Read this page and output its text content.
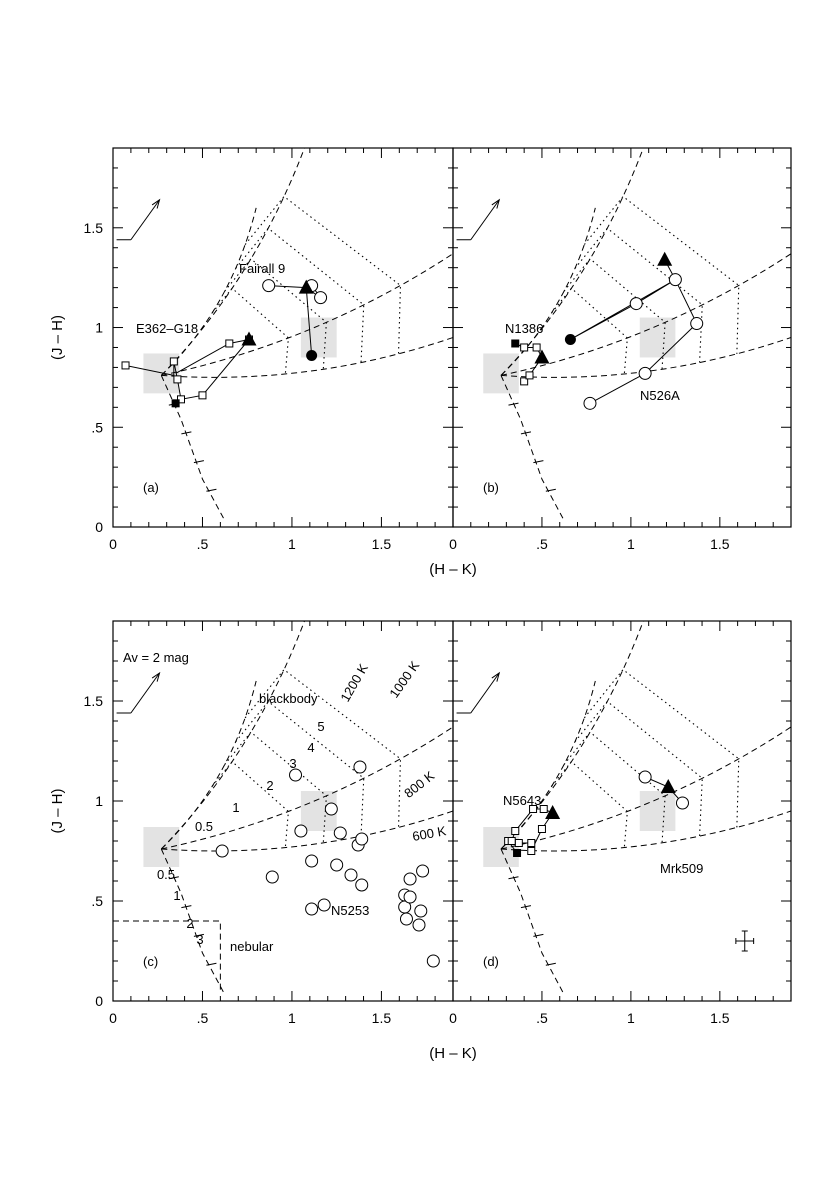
0	.5	1	1.5
0
.5
1
1.5
(J – H)
(a)
E362–G18
Fairall 9
0	.5	1	1.5
(b)
N1386
N526A
0	.5	1	1.5
0
.5
1
1.5
(J – H)
(c)
N5253
Av = 2 mag
blackbody 1200 K 1000 K
800 K
600 K
0.5
1
2
3
4
5
0.5
1
2
3 nebular
0	.5	1	1.5
(d)
N5643
Mrk509
(H – K)
(H – K)
